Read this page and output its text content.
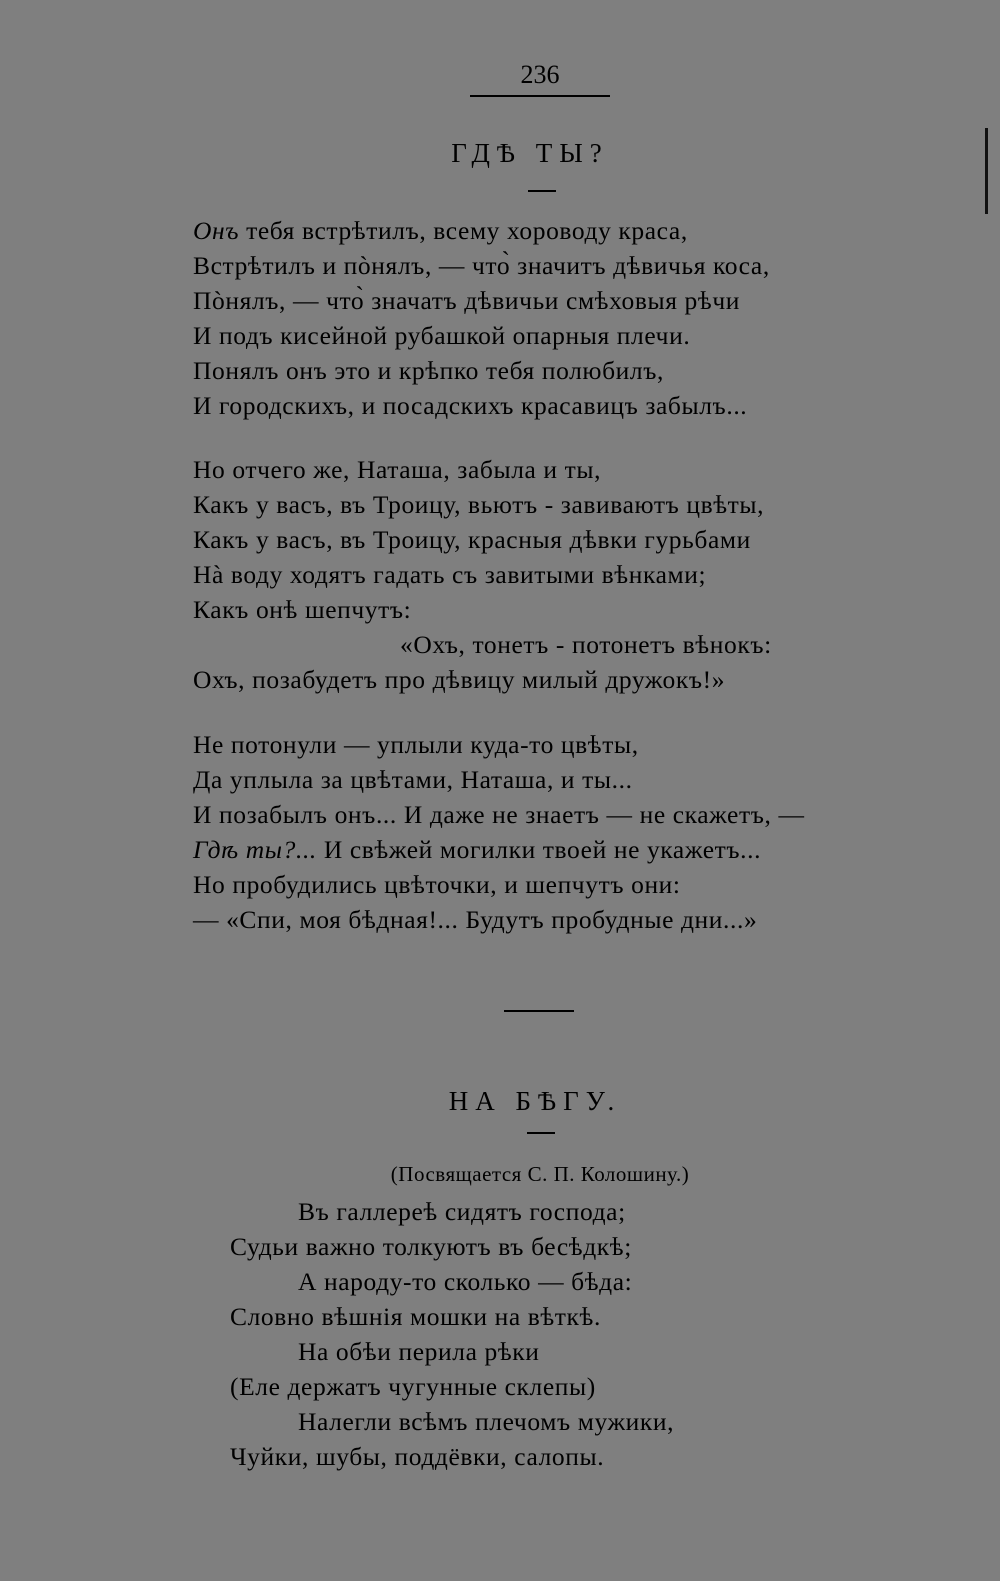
236
ГДѢ ТЫ?
Онъ тебя встрѣтилъ, всему хороводу краса,
Встрѣтилъ и пòнялъ, — что̀ значитъ дѣвичья коса,
Пòнялъ, — что̀ значатъ дѣвичьи смѣховыя рѣчи
И подъ кисейной рубашкой опарныя плечи.
Понялъ онъ это и крѣпко тебя полюбилъ,
И городскихъ, и посадскихъ красавицъ забылъ...
Но отчего же, Наташа, забыла и ты,
Какъ у васъ, въ Троицу, вьютъ - завиваютъ цвѣты,
Какъ у васъ, въ Троицу, красныя дѣвки гурьбами
Нà воду ходятъ гадать съ завитыми вѣнками;
Какъ онѣ шепчутъ:
«Охъ, тонетъ - потонетъ вѣнокъ:
Охъ, позабудетъ про дѣвицу милый дружокъ!»
Не потонули — уплыли куда-то цвѣты,
Да уплыла за цвѣтами, Наташа, и ты...
И позабылъ онъ... И даже не знаетъ — не скажетъ, —
Гдѣ ты?... И свѣжей могилки твоей не укажетъ...
Но пробудились цвѣточки, и шепчутъ они:
— «Спи, моя бѣдная!... Будутъ пробудные дни...»
НА БѢГУ.
(Посвящается С. П. Колошину.)
Въ галлереѣ сидятъ господа;
Судьи важно толкуютъ въ бесѣдкѣ;
А народу-то сколько — бѣда:
Словно вѣшнія мошки на вѣткѣ.
На обѣи перила рѣки
(Еле держатъ чугунные склепы)
Налегли всѣмъ плечомъ мужики,
Чуйки, шубы, поддёвки, салопы.
